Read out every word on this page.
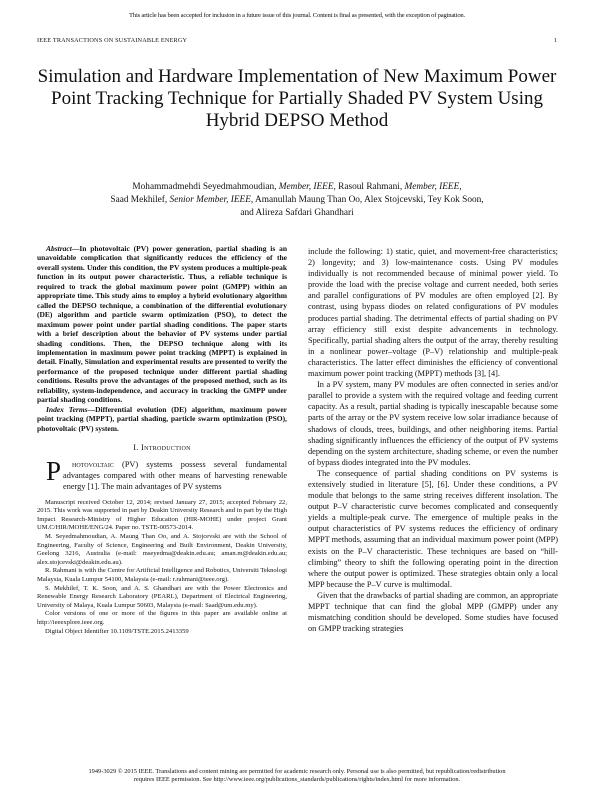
This article has been accepted for inclusion in a future issue of this journal. Content is final as presented, with the exception of pagination.
IEEE TRANSACTIONS ON SUSTAINABLE ENERGY	1
Simulation and Hardware Implementation of New Maximum Power Point Tracking Technique for Partially Shaded PV System Using Hybrid DEPSO Method
Mohammadmehdi Seyedmahmoudian, Member, IEEE, Rasoul Rahmani, Member, IEEE,
Saad Mekhilef, Senior Member, IEEE, Amanullah Maung Than Oo, Alex Stojcevski, Tey Kok Soon,
and Alireza Safdari Ghandhari

Abstract—In photovoltaic (PV) power generation, partial shading is an unavoidable complication that significantly reduces the efficiency of the overall system. Under this condition, the PV system produces a multiple-peak function in its output power characteristic. Thus, a reliable technique is required to track the global maximum power point (GMPP) within an appropriate time. This study aims to employ a hybrid evolutionary algorithm called the DEPSO technique, a combination of the differential evolutionary (DE) algorithm and particle swarm optimization (PSO), to detect the maximum power point under partial shading conditions. The paper starts with a brief description about the behavior of PV systems under partial shading conditions. Then, the DEPSO technique along with its implementation in maximum power point tracking (MPPT) is explained in detail. Finally, Simulation and experimental results are presented to verify the performance of the proposed technique under different partial shading conditions. Results prove the advantages of the proposed method, such as its reliability, system-independence, and accuracy in tracking the GMPP under partial shading conditions.

Index Terms—Differential evolution (DE) algorithm, maximum power point tracking (MPPT), partial shading, particle swarm optimization (PSO), photovoltaic (PV) system.

I. Introduction

P hotovoltaic (PV) systems possess several fundamental advantages compared with other means of harvesting renewable energy [1]. The main advantages of PV systems

Manuscript received October 12, 2014; revised January 27, 2015; accepted February 22, 2015. This work was supported in part by Deakin University Research and in part by the High Impact Research-Ministry of Higher Education (HIR-MOHE) under project Grant UM.C/HIR/MOHE/ENG/24. Paper no. TSTE-00573-2014.

M. Seyedmahmoudian, A. Maung Than Oo, and A. Stojcevski are with the School of Engineering, Faculty of Science, Engineering and Built Environment, Deakin University, Geelong 3216, Australia (e-mail: mseyedma@deakin.edu.au; aman.m@deakin.edu.au; alex.stojcevski@deakin.edu.au).

R. Rahmani is with the Centre for Artificial Intelligence and Robotics, Universiti Teknologi Malaysia, Kuala Lumpur 54100, Malaysia (e-mail: r.rahmani@ieee.org).

S. Mekhilef, T. K. Soon, and A. S. Ghandhari are with the Power Electronics and Renewable Energy Research Laboratory (PEARL), Department of Electrical Engineering, University of Malaya, Kuala Lumpur 50603, Malaysia (e-mail: Saad@um.edu.my).

Color versions of one or more of the figures in this paper are available online at http://ieeexplore.ieee.org.

Digital Object Identifier 10.1109/TSTE.2015.2413359

include the following: 1) static, quiet, and movement-free characteristics; 2) longevity; and 3) low-maintenance costs. Using PV modules individually is not recommended because of minimal power yield. To provide the load with the precise voltage and current needed, both series and parallel configurations of PV modules are often employed [2]. By contrast, using bypass diodes on related configurations of PV modules produces partial shading. The detrimental effects of partial shading on PV array efficiency still exist despite advancements in technology. Specifically, partial shading alters the output of the array, thereby resulting in a nonlinear power–voltage (P–V) relationship and multiple-peak characteristics. The latter effect diminishes the efficiency of conventional maximum power point tracking (MPPT) methods [3], [4].

In a PV system, many PV modules are often connected in series and/or parallel to provide a system with the required voltage and feeding current capacity. As a result, partial shading is typically inescapable because some parts of the array or the PV system receive low solar irradiance because of shadows of clouds, trees, buildings, and other neighboring items. Partial shading significantly influences the efficiency of the output of PV systems depending on the system architecture, shading scheme, or even the number of bypass diodes integrated into the PV modules.

The consequence of partial shading conditions on PV systems is extensively studied in literature [5], [6]. Under these conditions, a PV module that belongs to the same string receives different insolation. The output P–V characteristic curve becomes complicated and consequently yields a multiple-peak curve. The emergence of multiple peaks in the output characteristics of PV systems reduces the efficiency of ordinary MPPT methods, assuming that an individual maximum power point (MPP) exists on the P–V characteristic. These techniques are based on “hill-climbing” theory to shift the following operating point in the direction where the output power is optimized. These strategies obtain only a local MPP because the P–V curve is multimodal.

Given that the drawbacks of partial shading are common, an appropriate MPPT technique that can find the global MPP (GMPP) under any mismatching condition should be developed. Some studies have focused on GMPP tracking strategies

1949-3029 © 2015 IEEE. Translations and content mining are permitted for academic research only. Personal use is also permitted, but republication/redistribution
requires IEEE permission. See http://www.ieee.org/publications_standards/publications/rights/index.html for more information.
